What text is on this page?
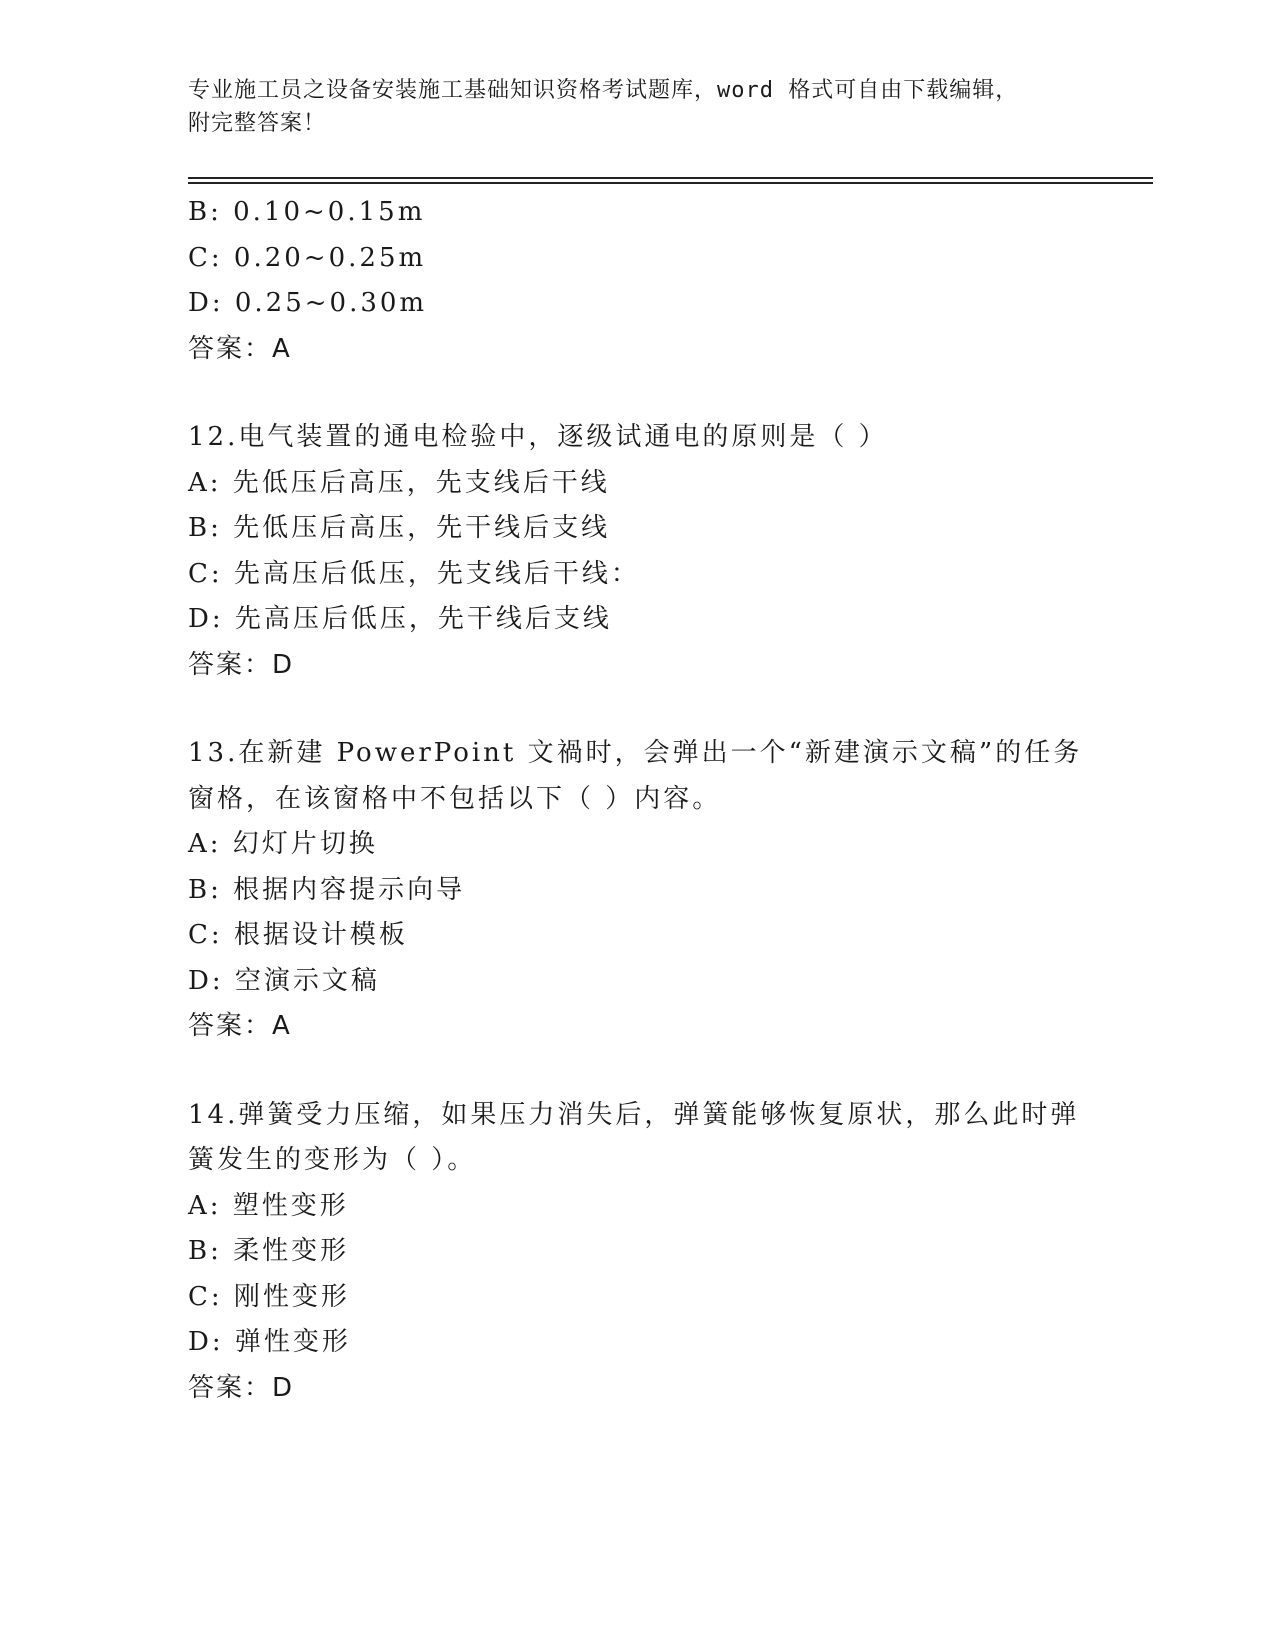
专业施工员之设备安装施工基础知识资格考试题库，word 格式可自由下载编辑，
附完整答案！
B: 0.10~0.15m
C: 0.20~0.25m
D: 0.25~0.30m
答案：A
12.电气装置的通电检验中，逐级试通电的原则是（ ）
A: 先低压后高压，先支线后干线
B: 先低压后高压，先干线后支线
C: 先高压后低压，先支线后干线：
D: 先高压后低压，先干线后支线
答案：D
13.在新建 PowerPoint 文禍时，会弹出一个“新建演示文稿”的任务
窗格，在该窗格中不包括以下（ ）内容。
A: 幻灯片切换
B: 根据内容提示向导
C: 根据设计模板
D: 空演示文稿
答案：A
14.弹簧受力压缩，如果压力消失后，弹簧能够恢复原状，那么此时弹
簧发生的变形为（ ）。
A: 塑性变形
B: 柔性变形
C: 刚性变形
D: 弹性变形
答案：D
